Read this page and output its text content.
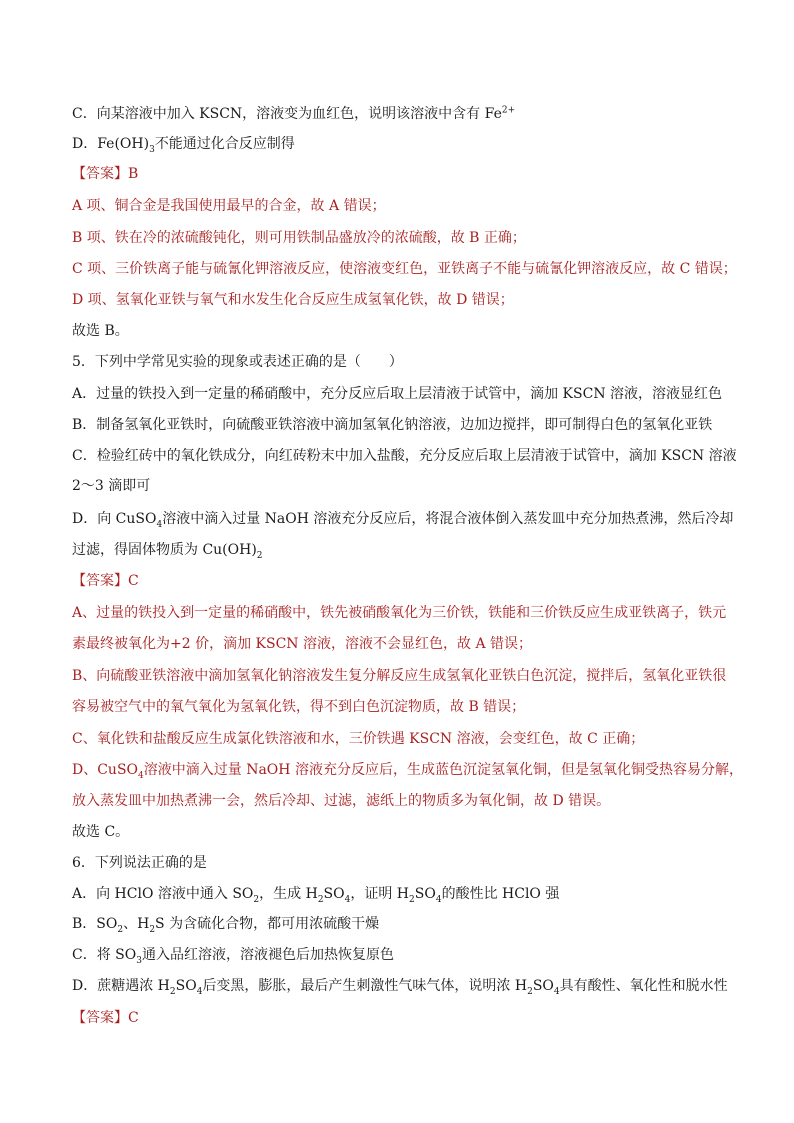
C．向某溶液中加入 KSCN，溶液变为血红色，说明该溶液中含有 $Fe^{2+}$
D．$Fe(OH)_3$不能通过化合反应制得
【答案】B
A 项、铜合金是我国使用最早的合金，故 A 错误；
B 项、铁在冷的浓硫酸钝化，则可用铁制品盛放冷的浓硫酸，故 B 正确；
C 项、三价铁离子能与硫氰化钾溶液反应，使溶液变红色，亚铁离子不能与硫氰化钾溶液反应，故 C 错误；
D 项、氢氧化亚铁与氧气和水发生化合反应生成氢氧化铁，故 D 错误；
故选 B。
5．下列中学常见实验的现象或表述正确的是（　　）
A．过量的铁投入到一定量的稀硝酸中，充分反应后取上层清液于试管中，滴加 KSCN 溶液，溶液显红色
B．制备氢氧化亚铁时，向硫酸亚铁溶液中滴加氢氧化钠溶液，边加边搅拌，即可制得白色的氢氧化亚铁
C．检验红砖中的氧化铁成分，向红砖粉末中加入盐酸，充分反应后取上层清液于试管中，滴加 KSCN 溶液
2～3 滴即可
D．向 CuSO$_4$溶液中滴入过量 NaOH 溶液充分反应后，将混合液体倒入蒸发皿中充分加热煮沸，然后冷却
过滤，得固体物质为 $Cu(OH)_2$
【答案】C
A、过量的铁投入到一定量的稀硝酸中，铁先被硝酸氧化为三价铁，铁能和三价铁反应生成亚铁离子，铁元
素最终被氧化为+2 价，滴加 KSCN 溶液，溶液不会显红色，故 A 错误；
B、向硫酸亚铁溶液中滴加氢氧化钠溶液发生复分解反应生成氢氧化亚铁白色沉淀，搅拌后，氢氧化亚铁很
容易被空气中的氧气氧化为氢氧化铁，得不到白色沉淀物质，故 B 错误；
C、氧化铁和盐酸反应生成氯化铁溶液和水，三价铁遇 KSCN 溶液，会变红色，故 C 正确；
D、CuSO$_4$溶液中滴入过量 NaOH 溶液充分反应后，生成蓝色沉淀氢氧化铜，但是氢氧化铜受热容易分解，
放入蒸发皿中加热煮沸一会，然后冷却、过滤，滤纸上的物质多为氧化铜，故 D 错误。
故选 C。
6．下列说法正确的是
A．向 HClO 溶液中通入 $SO_2$，生成 $H_2SO_4$，证明 $H_2SO_4$的酸性比 HClO 强
B．$SO_2$、$H_2S$ 为含硫化合物，都可用浓硫酸干燥
C．将 $SO_3$通入品红溶液，溶液褪色后加热恢复原色
D．蔗糖遇浓 $H_2SO_4$后变黑，膨胀，最后产生刺激性气味气体，说明浓 $H_2SO_4$具有酸性、氧化性和脱水性
【答案】C
